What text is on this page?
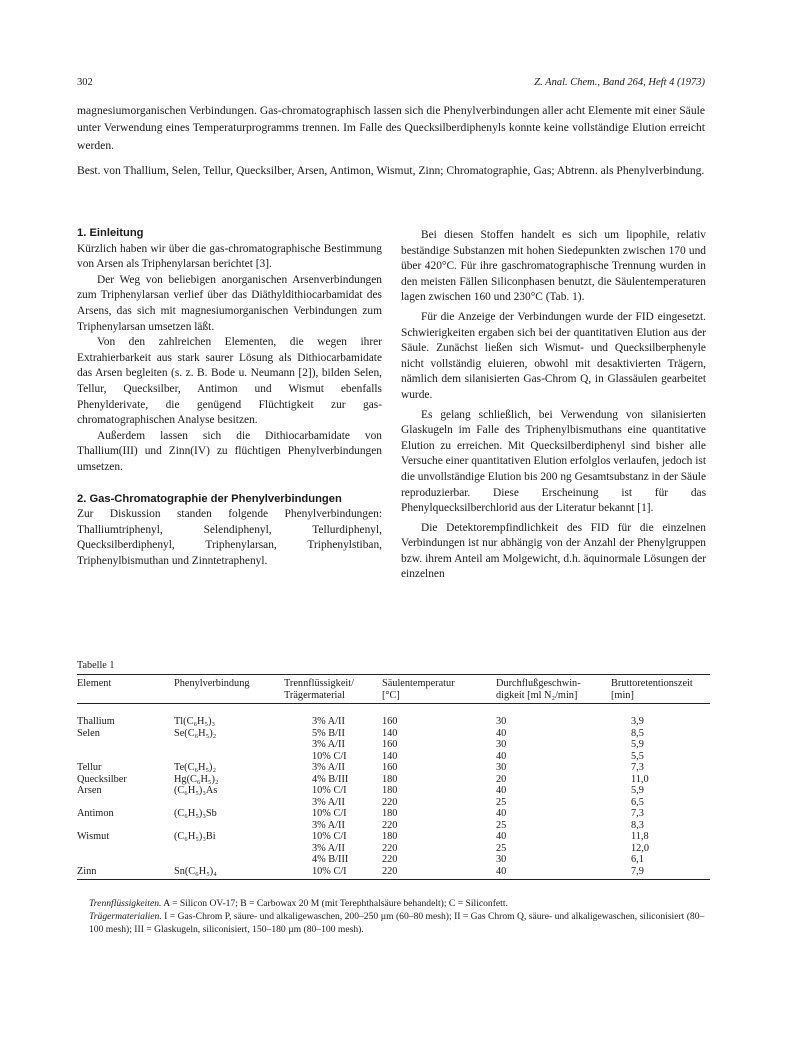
302	Z. Anal. Chem., Band 264, Heft 4 (1973)

magnesiumorganischen Verbindungen. Gas-chromatographisch lassen sich die Phenylverbindungen aller acht Elemente mit einer Säule unter Verwendung eines Temperaturprogramms trennen. Im Falle des Quecksilberdiphenyls konnte keine vollständige Elution erreicht werden.

Best. von Thallium, Selen, Tellur, Quecksilber, Arsen, Antimon, Wismut, Zinn; Chromatographie, Gas; Abtrenn. als Phenylverbindung.

1. Einleitung

Kürzlich haben wir über die gas-chromatographische Bestimmung von Arsen als Triphenylarsan berichtet [3].

Der Weg von beliebigen anorganischen Arsenverbindungen zum Triphenylarsan verlief über das Diäthyldithiocarbamidat des Arsens, das sich mit magnesiumorganischen Verbindungen zum Triphenylarsan umsetzen läßt.

Von den zahlreichen Elementen, die wegen ihrer Extrahierbarkeit aus stark saurer Lösung als Dithiocarbamidate das Arsen begleiten (s. z. B. Bode u. Neumann [2]), bilden Selen, Tellur, Quecksilber, Antimon und Wismut ebenfalls Phenylderivate, die genügend Flüchtigkeit zur gas-chromatographischen Analyse besitzen.

Außerdem lassen sich die Dithiocarbamidate von Thallium(III) und Zinn(IV) zu flüchtigen Phenylverbindungen umsetzen.

2. Gas-Chromatographie der Phenylverbindungen

Zur Diskussion standen folgende Phenylverbindungen: Thalliumtriphenyl, Selendiphenyl, Tellurdiphenyl, Quecksilberdiphenyl, Triphenylarsan, Triphenylstiban, Triphenylbismuthan und Zinntetraphenyl.

Bei diesen Stoffen handelt es sich um lipophile, relativ beständige Substanzen mit hohen Siedepunkten zwischen 170 und über 420°C. Für ihre gaschromatographische Trennung wurden in den meisten Fällen Siliconphasen benutzt, die Säulentemperaturen lagen zwischen 160 und 230°C (Tab. 1).

Für die Anzeige der Verbindungen wurde der FID eingesetzt. Schwierigkeiten ergaben sich bei der quantitativen Elution aus der Säule. Zunächst ließen sich Wismut- und Quecksilberphenyle nicht vollständig eluieren, obwohl mit desaktivierten Trägern, nämlich dem silanisierten Gas-Chrom Q, in Glassäulen gearbeitet wurde.

Es gelang schließlich, bei Verwendung von silanisierten Glaskugeln im Falle des Triphenylbismuthans eine quantitative Elution zu erreichen. Mit Quecksilberdiphenyl sind bisher alle Versuche einer quantitativen Elution erfolglos verlaufen, jedoch ist die unvollständige Elution bis 200 ng Gesamtsubstanz in der Säule reproduzierbar. Diese Erscheinung ist für das Phenylquecksilberchlorid aus der Literatur bekannt [1].

Die Detektorempfindlichkeit des FID für die einzelnen Verbindungen ist nur abhängig von der Anzahl der Phenylgruppen bzw. ihrem Anteil am Molgewicht, d.h. äquinormale Lösungen der einzelnen

Tabelle 1
Element	Phenylverbindung	Trennflüssigkeit/
Trägermaterial	Säulentemperatur
[°C]	Durchflußgeschwin-
digkeit [ml N₂/min]	Bruttoretentionszeit
[min]
Thallium	Tl(C₆H₅)₃	3% A/II	160	30	3,9
Selen	Se(C₆H₅)₂	5% B/II	140	40	8,5
		3% A/II	160	30	5,9
		10% C/I	140	40	5,5
Tellur	Te(C₆H₅)₂	3% A/II	160	30	7,3
Quecksilber	Hg(C₆H₅)₂	4% B/III	180	20	11,0
Arsen	(C₆H₅)₃As	10% C/I	180	40	5,9
		3% A/II	220	25	6,5
Antimon	(C₆H₅)₃Sb	10% C/I	180	40	7,3
		3% A/II	220	25	8,3
Wismut	(C₆H₅)₃Bi	10% C/I	180	40	11,8
		3% A/II	220	25	12,0
		4% B/III	220	30	6,1
Zinn	Sn(C₆H₅)₄	10% C/I	220	40	7,9

Trennflüssigkeiten. A = Silicon OV-17; B = Carbowax 20 M (mit Terephthalsäure behandelt); C = Siliconfett.

Trägermaterialien. I = Gas-Chrom P, säure- und alkaligewaschen, 200–250 µm (60–80 mesh); II = Gas Chrom Q, säure- und alkaligewaschen, siliconisiert (80–100 mesh); III = Glaskugeln, siliconisiert, 150–180 µm (80–100 mesh).
